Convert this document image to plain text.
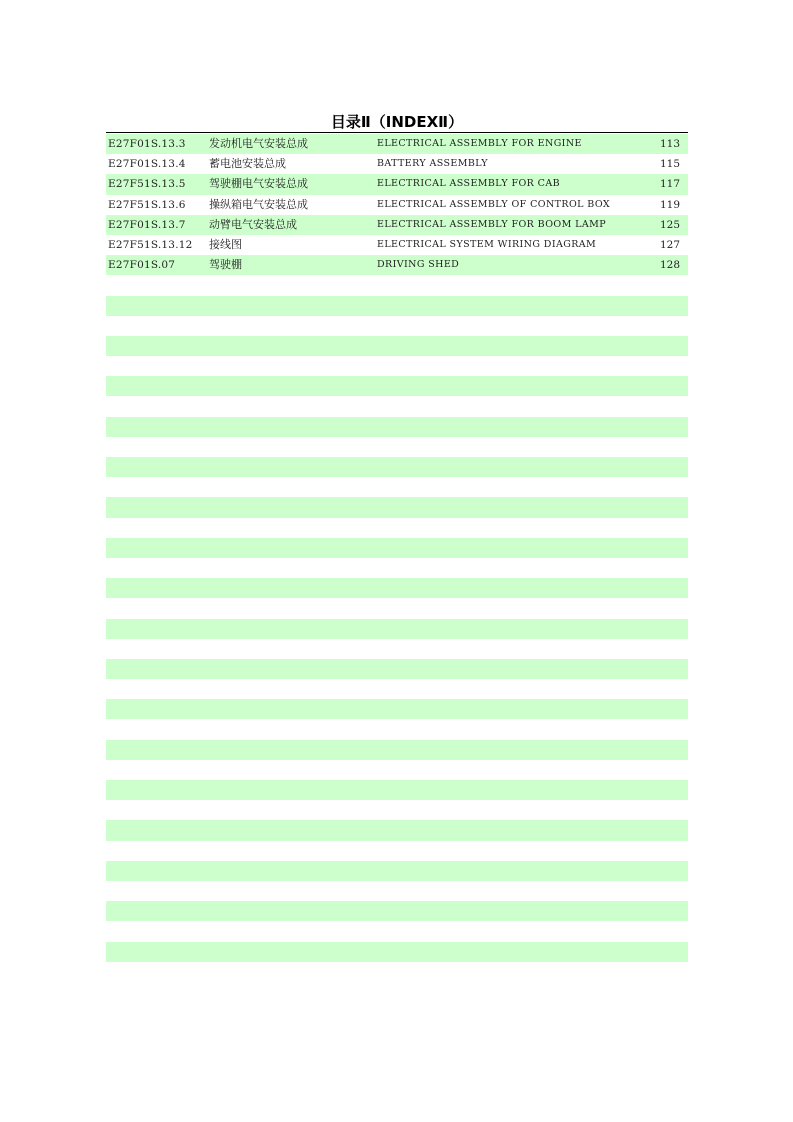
目录Ⅱ（INDEXⅡ）
E27F01S.13.3 发动机电气安装总成	ELECTRICAL ASSEMBLY FOR ENGINE	113
E27F01S.13.4 蓄电池安装总成	BATTERY ASSEMBLY	115
E27F51S.13.5 驾驶棚电气安装总成	ELECTRICAL ASSEMBLY FOR CAB	117
E27F51S.13.6 操纵箱电气安装总成	ELECTRICAL ASSEMBLY OF CONTROL BOX	119
E27F01S.13.7 动臂电气安装总成	ELECTRICAL ASSEMBLY FOR BOOM LAMP	125
E27F51S.13.12 接线图	ELECTRICAL SYSTEM WIRING DIAGRAM	127
E27F01S.07	驾驶棚	DRIVING SHED	128
